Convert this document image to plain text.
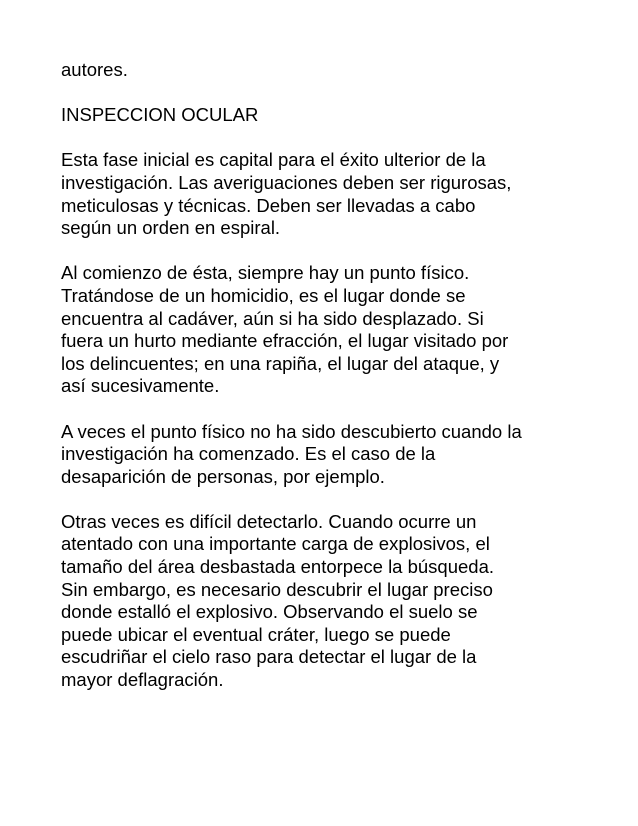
autores.

INSPECCION OCULAR

Esta fase inicial es capital para el éxito ulterior de la
investigación. Las averiguaciones deben ser rigurosas,
meticulosas y técnicas. Deben ser llevadas a cabo
según un orden en espiral.

Al comienzo de ésta, siempre hay un punto físico.
Tratándose de un homicidio, es el lugar donde se
encuentra al cadáver, aún si ha sido desplazado. Si
fuera un hurto mediante efracción, el lugar visitado por
los delincuentes; en una rapiña, el lugar del ataque, y
así sucesivamente.

A veces el punto físico no ha sido descubierto cuando la
investigación ha comenzado. Es el caso de la
desaparición de personas, por ejemplo.

Otras veces es difícil detectarlo. Cuando ocurre un
atentado con una importante carga de explosivos, el
tamaño del área desbastada entorpece la búsqueda.
Sin embargo, es necesario descubrir el lugar preciso
donde estalló el explosivo. Observando el suelo se
puede ubicar el eventual cráter, luego se puede
escudriñar el cielo raso para detectar el lugar de la
mayor deflagración.
